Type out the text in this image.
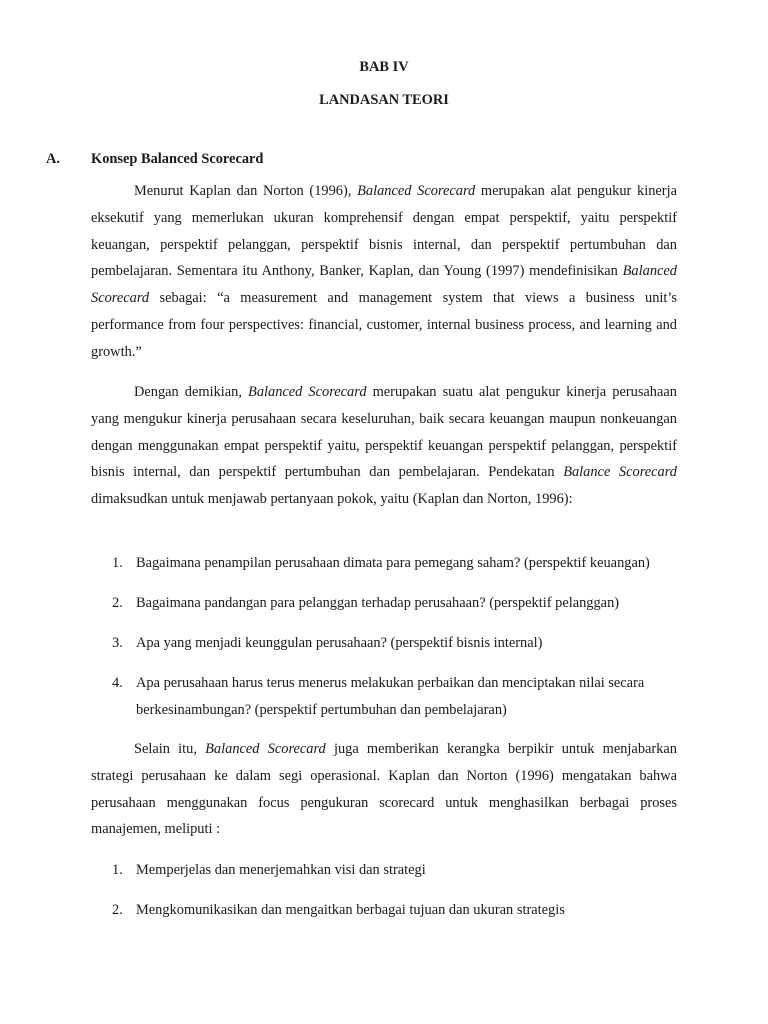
BAB IV

LANDASAN TEORI

A. Konsep Balanced Scorecard

Menurut Kaplan dan Norton (1996), Balanced Scorecard merupakan alat pengukur kinerja eksekutif yang memerlukan ukuran komprehensif dengan empat perspektif, yaitu perspektif keuangan, perspektif pelanggan, perspektif bisnis internal, dan perspektif pertumbuhan dan pembelajaran. Sementara itu Anthony, Banker, Kaplan, dan Young (1997) mendefinisikan Balanced Scorecard sebagai: “a measurement and management system that views a business unit’s performance from four perspectives: financial, customer, internal business process, and learning and growth.”

Dengan demikian, Balanced Scorecard merupakan suatu alat pengukur kinerja perusahaan yang mengukur kinerja perusahaan secara keseluruhan, baik secara keuangan maupun nonkeuangan dengan menggunakan empat perspektif yaitu, perspektif keuangan perspektif pelanggan, perspektif bisnis internal, dan perspektif pertumbuhan dan pembelajaran. Pendekatan Balance Scorecard dimaksudkan untuk menjawab pertanyaan pokok, yaitu (Kaplan dan Norton, 1996):

1. Bagaimana penampilan perusahaan dimata para pemegang saham? (perspektif keuangan)
2. Bagaimana pandangan para pelanggan terhadap perusahaan? (perspektif pelanggan)
3. Apa yang menjadi keunggulan perusahaan? (perspektif bisnis internal)
4. Apa perusahaan harus terus menerus melakukan perbaikan dan menciptakan nilai secara berkesinambungan? (perspektif pertumbuhan dan pembelajaran)

Selain itu, Balanced Scorecard juga memberikan kerangka berpikir untuk menjabarkan strategi perusahaan ke dalam segi operasional. Kaplan dan Norton (1996) mengatakan bahwa perusahaan menggunakan focus pengukuran scorecard untuk menghasilkan berbagai proses manajemen, meliputi :

1. Memperjelas dan menerjemahkan visi dan strategi
2. Mengkomunikasikan dan mengaitkan berbagai tujuan dan ukuran strategis
